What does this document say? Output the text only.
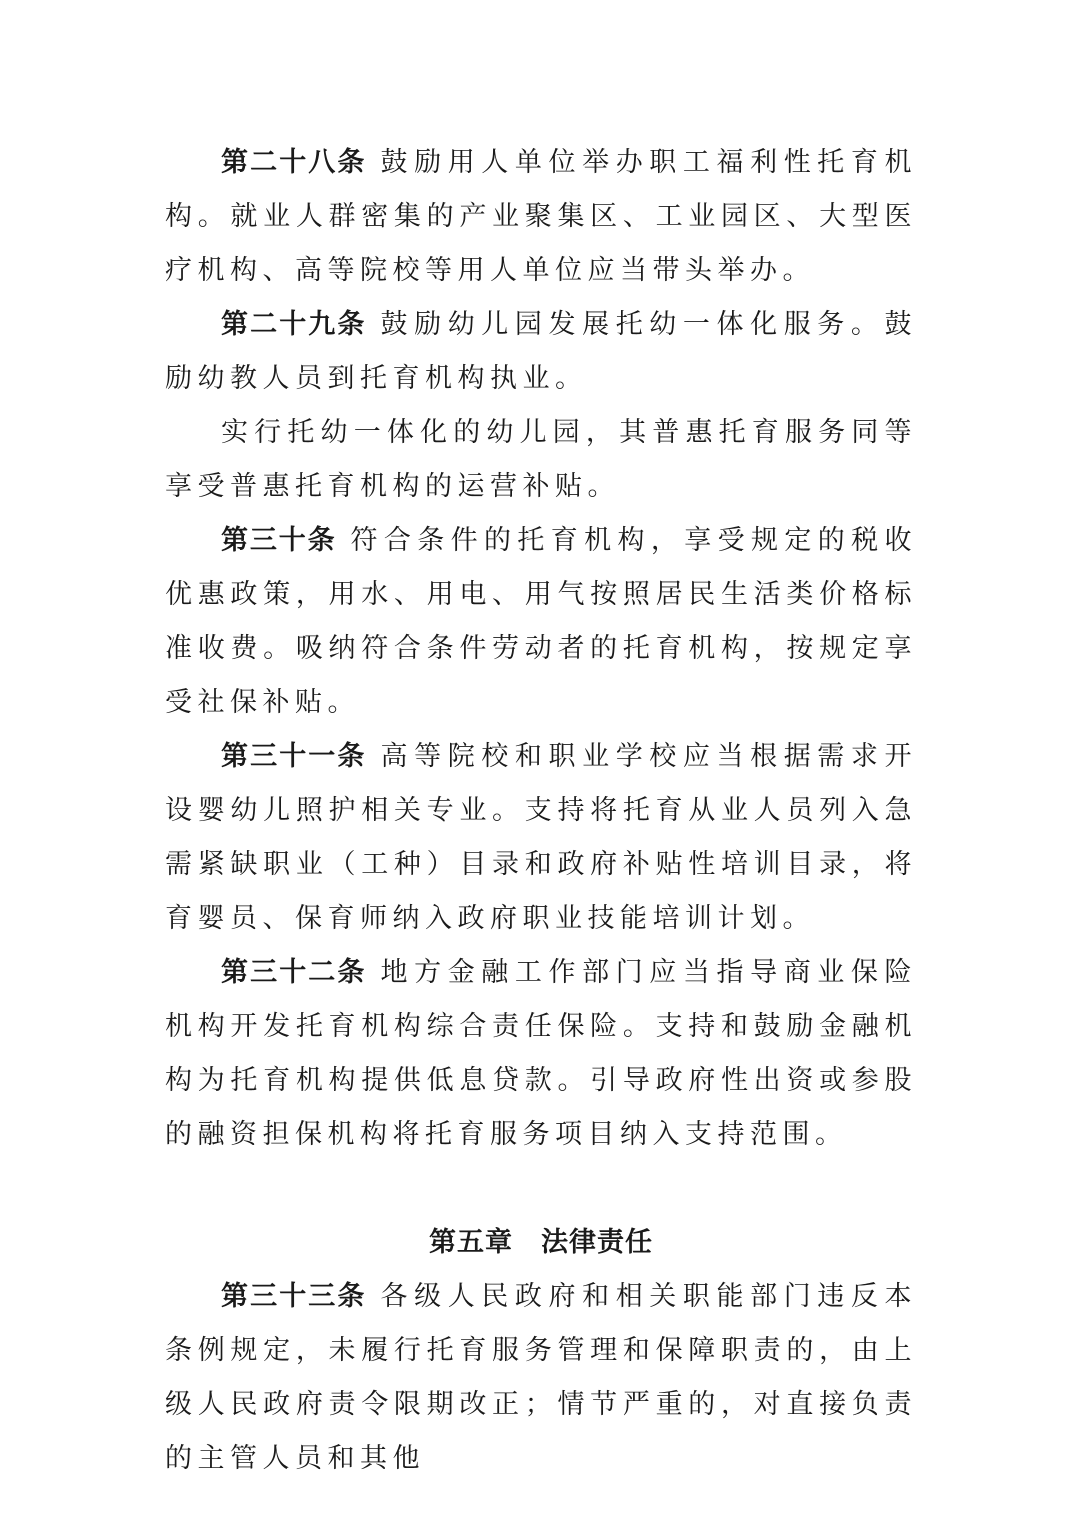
第二十八条 鼓励用人单位举办职工福利性托育机构。就业人群密集的产业聚集区、工业园区、大型医疗机构、高等院校等用人单位应当带头举办。

第二十九条 鼓励幼儿园发展托幼一体化服务。鼓励幼教人员到托育机构执业。

实行托幼一体化的幼儿园，其普惠托育服务同等享受普惠托育机构的运营补贴。

第三十条 符合条件的托育机构，享受规定的税收优惠政策，用水、用电、用气按照居民生活类价格标准收费。吸纳符合条件劳动者的托育机构，按规定享受社保补贴。

第三十一条 高等院校和职业学校应当根据需求开设婴幼儿照护相关专业。支持将托育从业人员列入急需紧缺职业（工种）目录和政府补贴性培训目录，将育婴员、保育师纳入政府职业技能培训计划。

第三十二条 地方金融工作部门应当指导商业保险机构开发托育机构综合责任保险。支持和鼓励金融机构为托育机构提供低息贷款。引导政府性出资或参股的融资担保机构将托育服务项目纳入支持范围。

第五章 法律责任

第三十三条 各级人民政府和相关职能部门违反本条例规定，未履行托育服务管理和保障职责的，由上级人民政府责令限期改正；情节严重的，对直接负责的主管人员和其他
